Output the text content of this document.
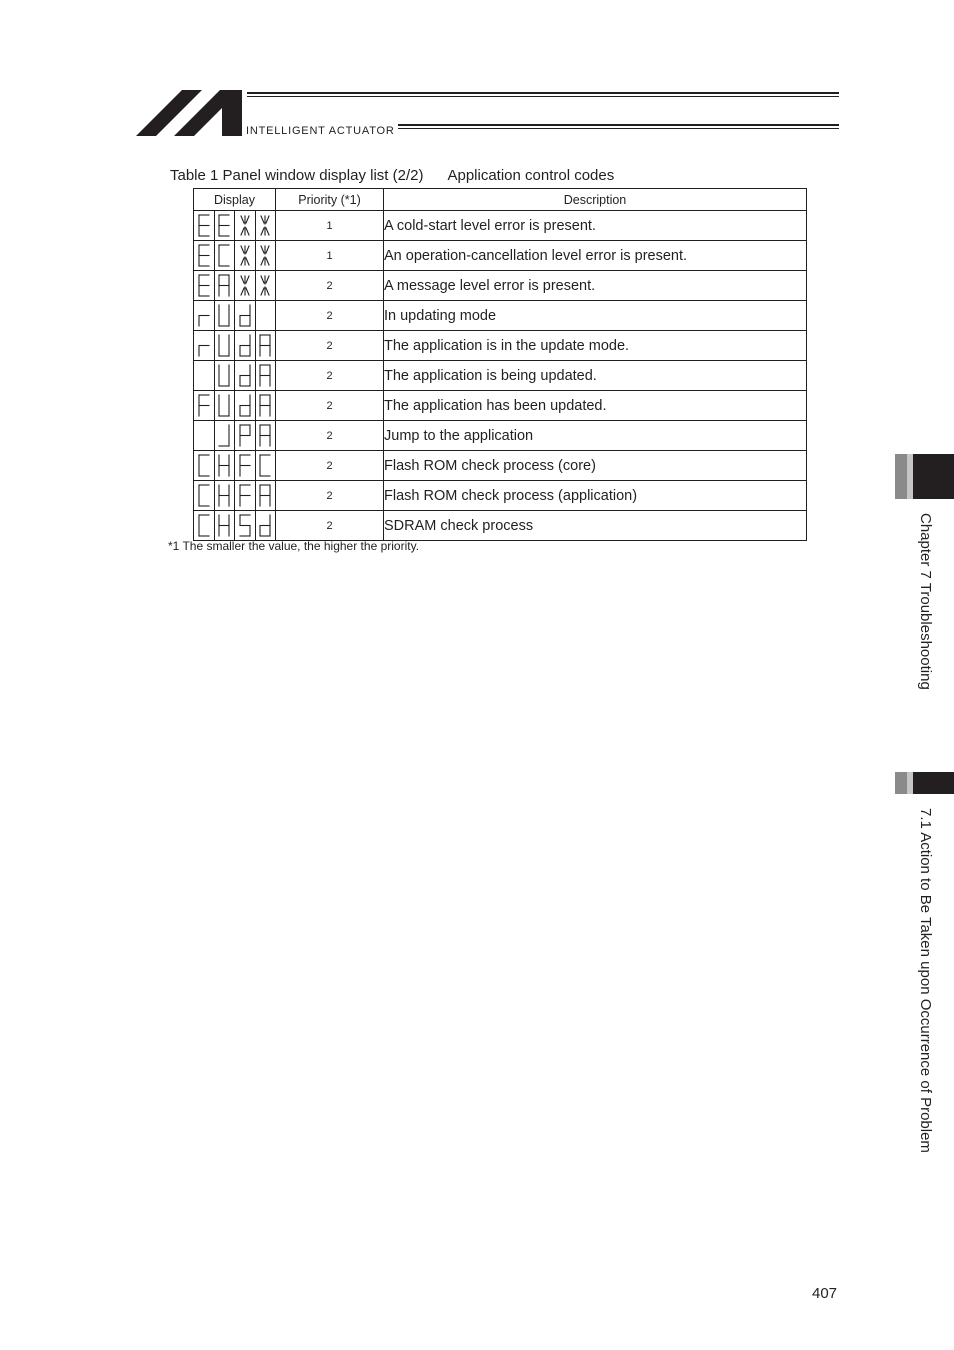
INTELLIGENT ACTUATOR
Table 1 Panel window display list (2/2) Application control codes
Display	Priority (*1)	Description

	1	A cold-start level error is present.

	1	An operation-cancellation level error is present.

	2	A message level error is present.

	2	In updating mode

	2	The application is in the update mode.

	2	The application is being updated.

	2	The application has been updated.

	2	Jump to the application

	2	Flash ROM check process (core)

	2	Flash ROM check process (application)

	2	SDRAM check process
*1 The smaller the value, the higher the priority.	Chapter 7 Troubleshooting
7.1 Action to Be Taken upon Occurrence of Problem
407
